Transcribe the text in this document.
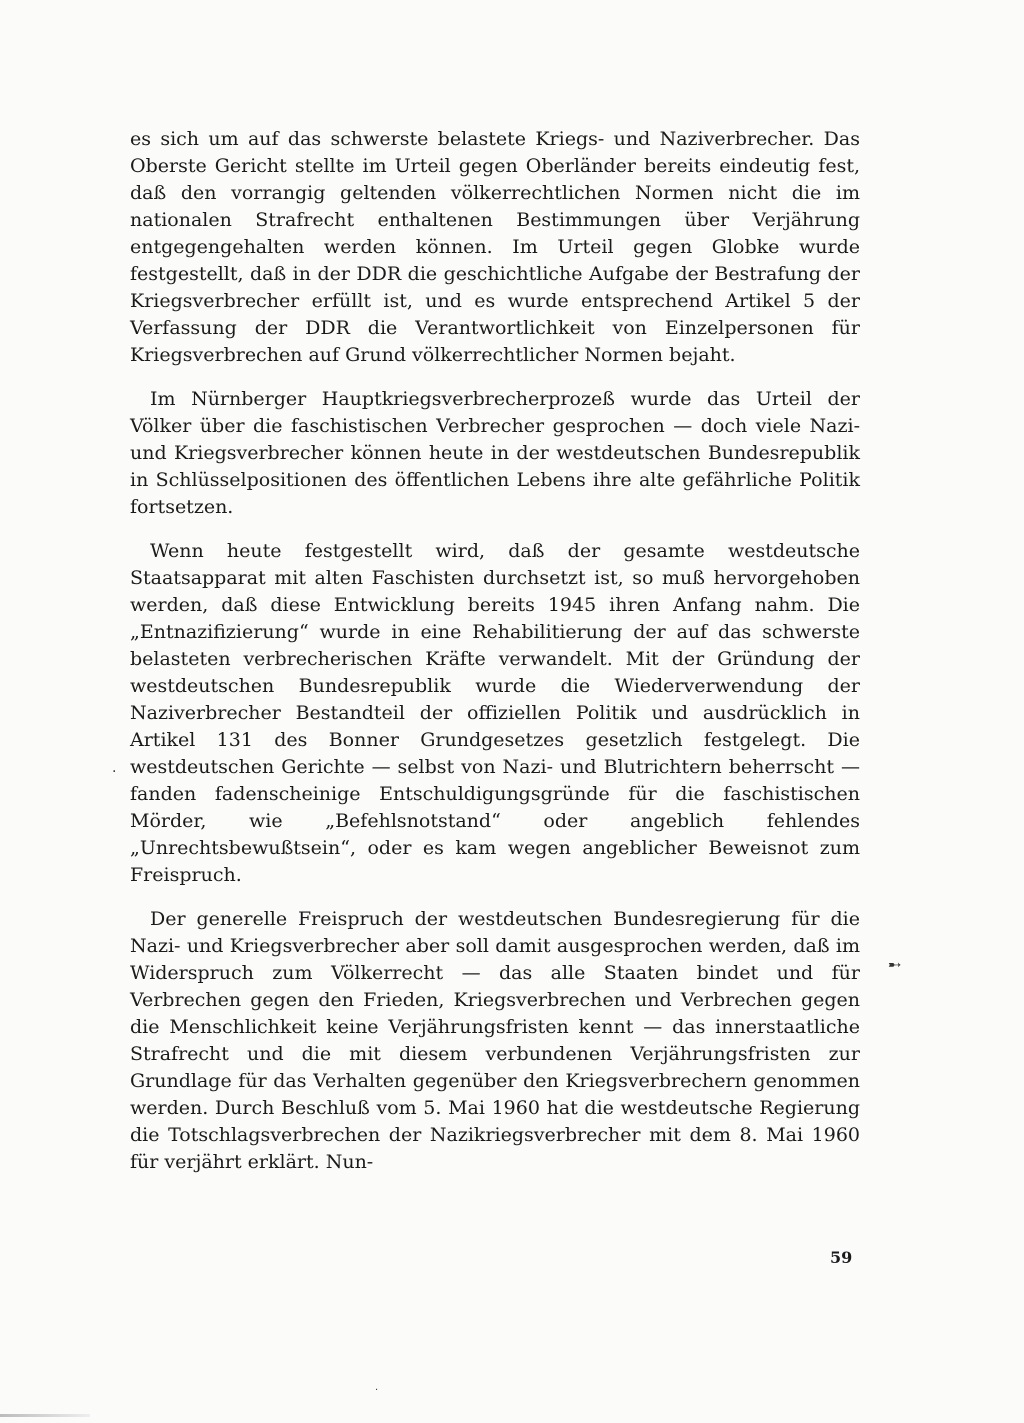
es sich um auf das schwerste belastete Kriegs- und Naziverbrecher. Das Oberste Gericht stellte im Urteil gegen Oberländer bereits eindeutig fest, daß den vorrangig geltenden völkerrechtlichen Normen nicht die im nationalen Strafrecht enthaltenen Bestimmungen über Verjährung entgegengehalten werden können. Im Urteil gegen Globke wurde festgestellt, daß in der DDR die geschichtliche Aufgabe der Bestrafung der Kriegsverbrecher erfüllt ist, und es wurde entsprechend Artikel 5 der Verfassung der DDR die Verantwortlichkeit von Einzelpersonen für Kriegsverbrechen auf Grund völkerrechtlicher Normen bejaht.

Im Nürnberger Hauptkriegsverbrecherprozeß wurde das Urteil der Völker über die faschistischen Verbrecher gesprochen — doch viele Nazi- und Kriegsverbrecher können heute in der westdeutschen Bundesrepublik in Schlüsselpositionen des öffentlichen Lebens ihre alte gefährliche Politik fortsetzen.

Wenn heute festgestellt wird, daß der gesamte westdeutsche Staatsapparat mit alten Faschisten durchsetzt ist, so muß hervorgehoben werden, daß diese Entwicklung bereits 1945 ihren Anfang nahm. Die „Entnazifizierung“ wurde in eine Rehabilitierung der auf das schwerste belasteten verbrecherischen Kräfte verwandelt. Mit der Gründung der westdeutschen Bundesrepublik wurde die Wiederverwendung der Naziverbrecher Bestandteil der offiziellen Politik und ausdrücklich in Artikel 131 des Bonner Grundgesetzes gesetzlich festgelegt. Die westdeutschen Gerichte — selbst von Nazi- und Blutrichtern beherrscht — fanden fadenscheinige Entschuldigungsgründe für die faschistischen Mörder, wie „Befehlsnotstand“ oder angeblich fehlendes „Unrechtsbewußtsein“, oder es kam wegen angeblicher Beweisnot zum Freispruch.

Der generelle Freispruch der westdeutschen Bundesregierung für die Nazi- und Kriegsverbrecher aber soll damit ausgesprochen werden, daß im Widerspruch zum Völkerrecht — das alle Staaten bindet und für Verbrechen gegen den Frieden, Kriegsverbrechen und Verbrechen gegen die Menschlichkeit keine Verjährungsfristen kennt — das innerstaatliche Strafrecht und die mit diesem verbundenen Verjährungsfristen zur Grundlage für das Verhalten gegenüber den Kriegsverbrechern genommen werden. Durch Beschluß vom 5. Mai 1960 hat die westdeutsche Regierung die Totschlagsverbrechen der Nazikriegsverbrecher mit dem 8. Mai 1960 für verjährt erklärt. Nun-

·
➸
·
59
